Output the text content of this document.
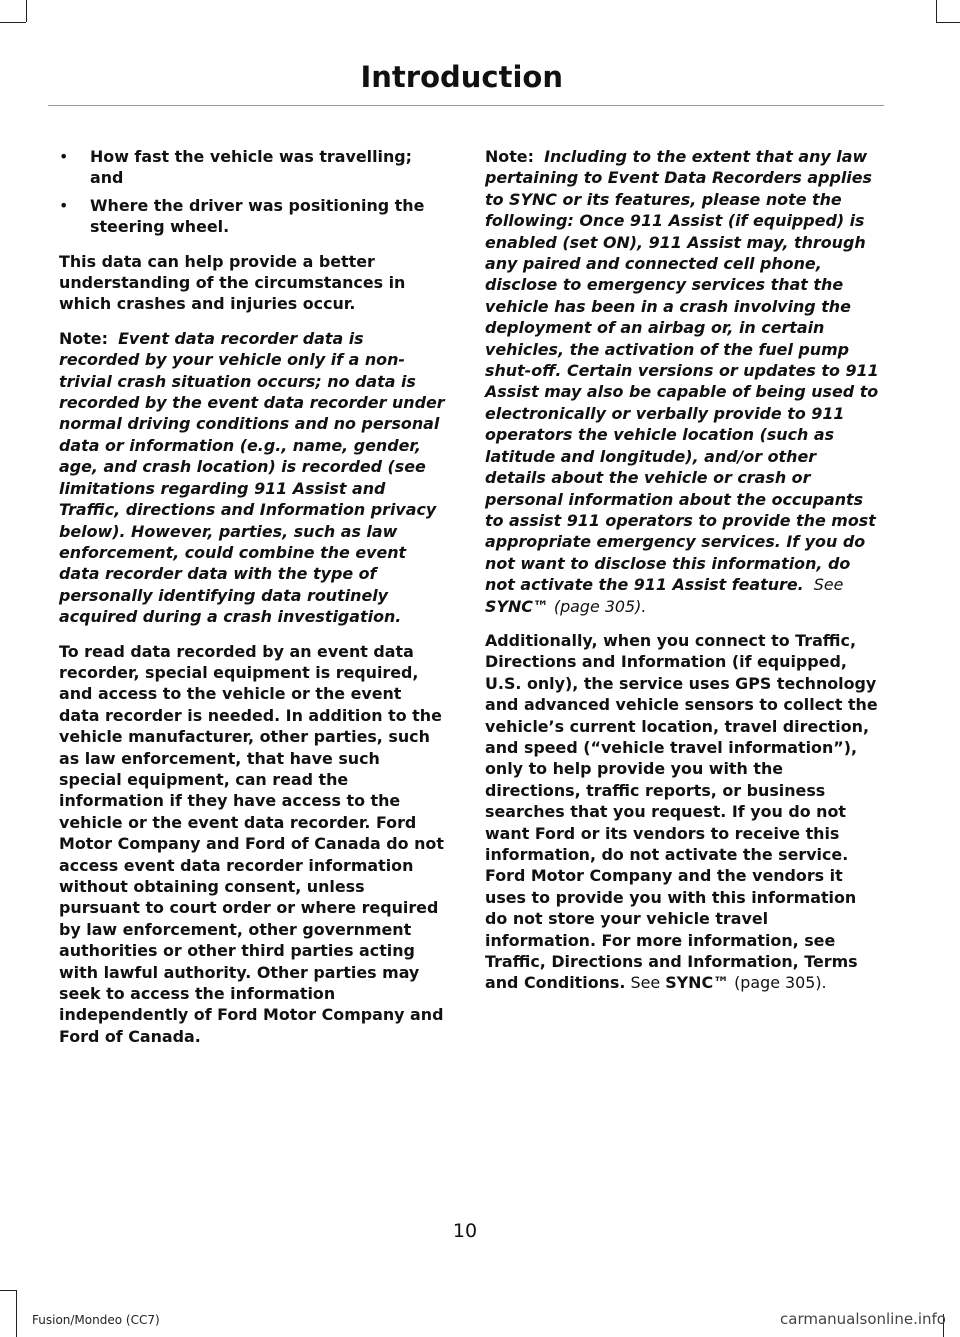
Introduction
•	How fast the vehicle was travelling; and
•	Where the driver was positioning the steering wheel.

This data can help provide a better understanding of the circumstances in which crashes and injuries occur.

Note: Event data recorder data is recorded by your vehicle only if a non-trivial crash situation occurs; no data is recorded by the event data recorder under normal driving conditions and no personal data or information (e.g., name, gender, age, and crash location) is recorded (see limitations regarding 911 Assist and Traffic, directions and Information privacy below). However, parties, such as law enforcement, could combine the event data recorder data with the type of personally identifying data routinely acquired during a crash investigation.

To read data recorded by an event data recorder, special equipment is required, and access to the vehicle or the event data recorder is needed. In addition to the vehicle manufacturer, other parties, such as law enforcement, that have such special equipment, can read the information if they have access to the vehicle or the event data recorder. Ford Motor Company and Ford of Canada do not access event data recorder information without obtaining consent, unless pursuant to court order or where required by law enforcement, other government authorities or other third parties acting with lawful authority. Other parties may seek to access the information independently of Ford Motor Company and Ford of Canada.

Note: Including to the extent that any law pertaining to Event Data Recorders applies to SYNC or its features, please note the following: Once 911 Assist (if equipped) is enabled (set ON), 911 Assist may, through any paired and connected cell phone, disclose to emergency services that the vehicle has been in a crash involving the deployment of an airbag or, in certain vehicles, the activation of the fuel pump shut-off. Certain versions or updates to 911 Assist may also be capable of being used to electronically or verbally provide to 911 operators the vehicle location (such as latitude and longitude), and/or other details about the vehicle or crash or personal information about the occupants to assist 911 operators to provide the most appropriate emergency services. If you do not want to disclose this information, do not activate the 911 Assist feature. See SYNC™ (page 305).

Additionally, when you connect to Traffic, Directions and Information (if equipped, U.S. only), the service uses GPS technology and advanced vehicle sensors to collect the vehicle’s current location, travel direction, and speed (“vehicle travel information”), only to help provide you with the directions, traffic reports, or business searches that you request. If you do not want Ford or its vendors to receive this information, do not activate the service. Ford Motor Company and the vendors it uses to provide you with this information do not store your vehicle travel information. For more information, see Traffic, Directions and Information, Terms and Conditions. See SYNC™ (page 305).

10
Fusion/Mondeo (CC7)	carmanualsonline.info
